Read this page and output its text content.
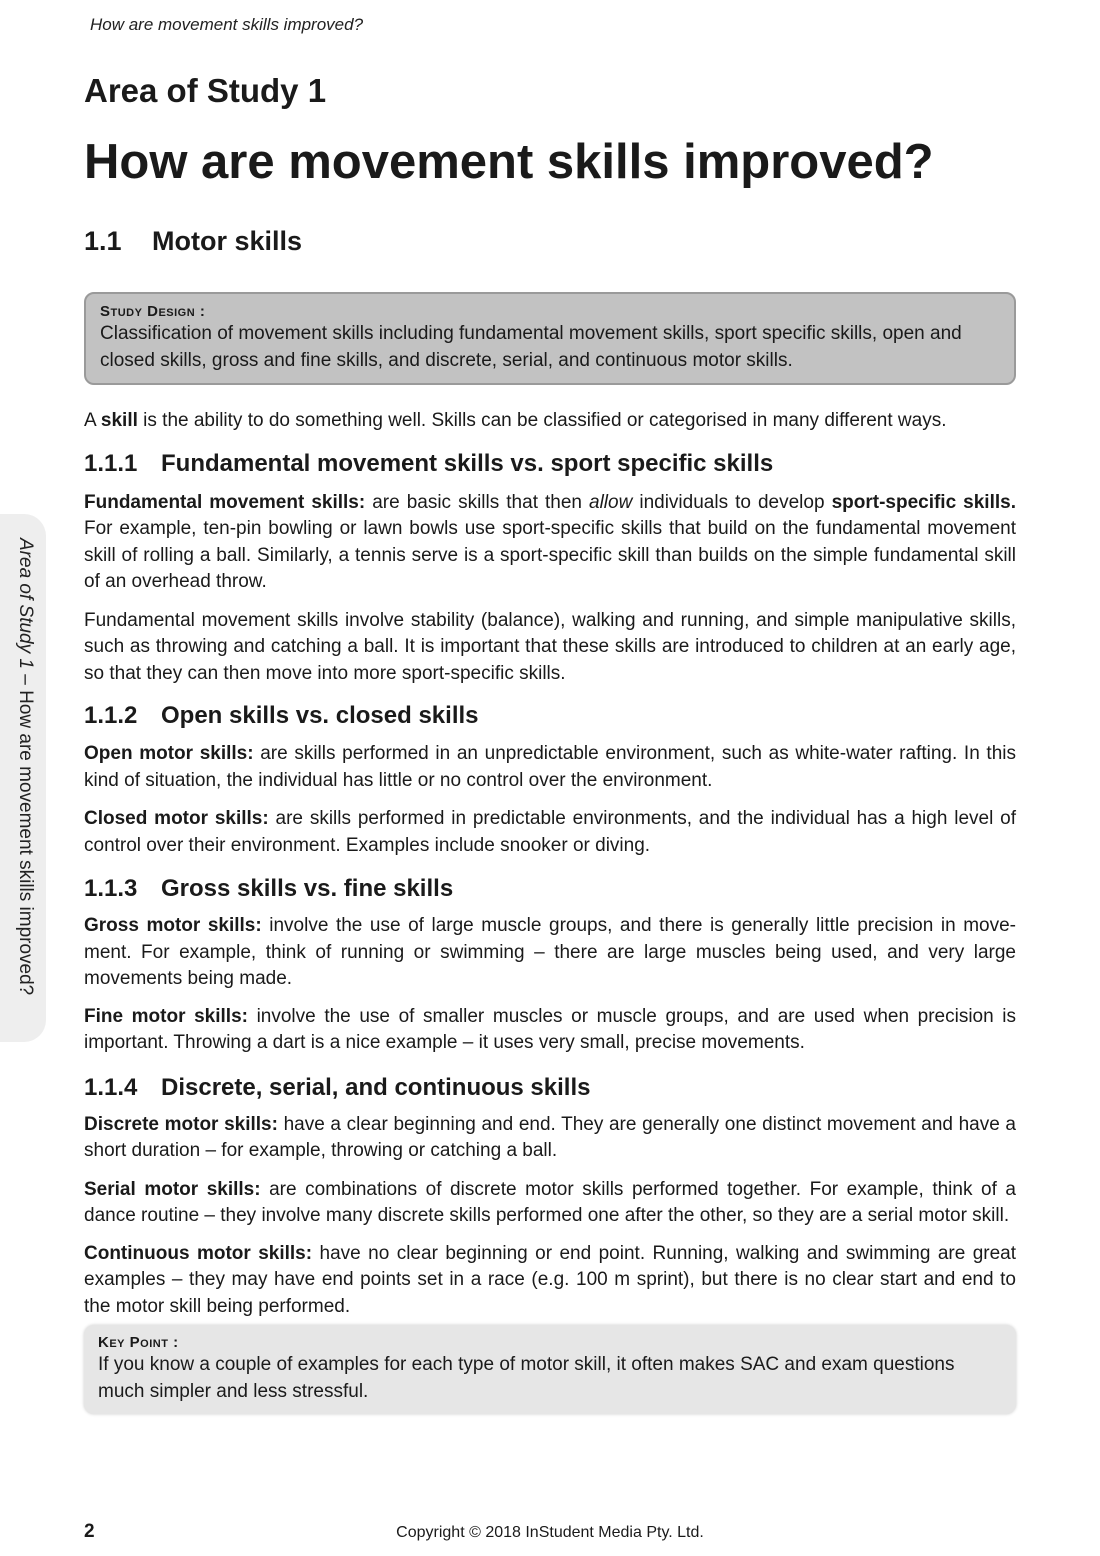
How are movement skills improved?
Area of Study 1
How are movement skills improved?
1.1 Motor skills
Study Design :
Classification of movement skills including fundamental movement skills, sport specific skills, open and closed skills, gross and fine skills, and discrete, serial, and continuous motor skills.
A skill is the ability to do something well. Skills can be classified or categorised in many different ways.
1.1.1 Fundamental movement skills vs. sport specific skills
Fundamental movement skills: are basic skills that then allow individuals to develop sport-specific skills. For example, ten-pin bowling or lawn bowls use sport-specific skills that build on the fundamental movement skill of rolling a ball. Similarly, a tennis serve is a sport-specific skill than builds on the simple fundamental skill of an overhead throw.
Fundamental movement skills involve stability (balance), walking and running, and simple manipulative skills, such as throwing and catching a ball. It is important that these skills are introduced to children at an early age, so that they can then move into more sport-specific skills.
1.1.2 Open skills vs. closed skills
Open motor skills: are skills performed in an unpredictable environment, such as white-water rafting. In this kind of situation, the individual has little or no control over the environment.
Closed motor skills: are skills performed in predictable environments, and the individual has a high level of control over their environment. Examples include snooker or diving.
1.1.3 Gross skills vs. fine skills
Gross motor skills: involve the use of large muscle groups, and there is generally little precision in move-ment. For example, think of running or swimming – there are large muscles being used, and very large movements being made.
Fine motor skills: involve the use of smaller muscles or muscle groups, and are used when precision is important. Throwing a dart is a nice example – it uses very small, precise movements.
1.1.4 Discrete, serial, and continuous skills
Discrete motor skills: have a clear beginning and end. They are generally one distinct movement and have a short duration – for example, throwing or catching a ball.
Serial motor skills: are combinations of discrete motor skills performed together. For example, think of a dance routine – they involve many discrete skills performed one after the other, so they are a serial motor skill.
Continuous motor skills: have no clear beginning or end point. Running, walking and swimming are great examples – they may have end points set in a race (e.g. 100 m sprint), but there is no clear start and end to the motor skill being performed.
Key Point :
If you know a couple of examples for each type of motor skill, it often makes SAC and exam questions much simpler and less stressful.
Area of Study 1 – How are movement skills improved?
2	Copyright © 2018 InStudent Media Pty. Ltd.
